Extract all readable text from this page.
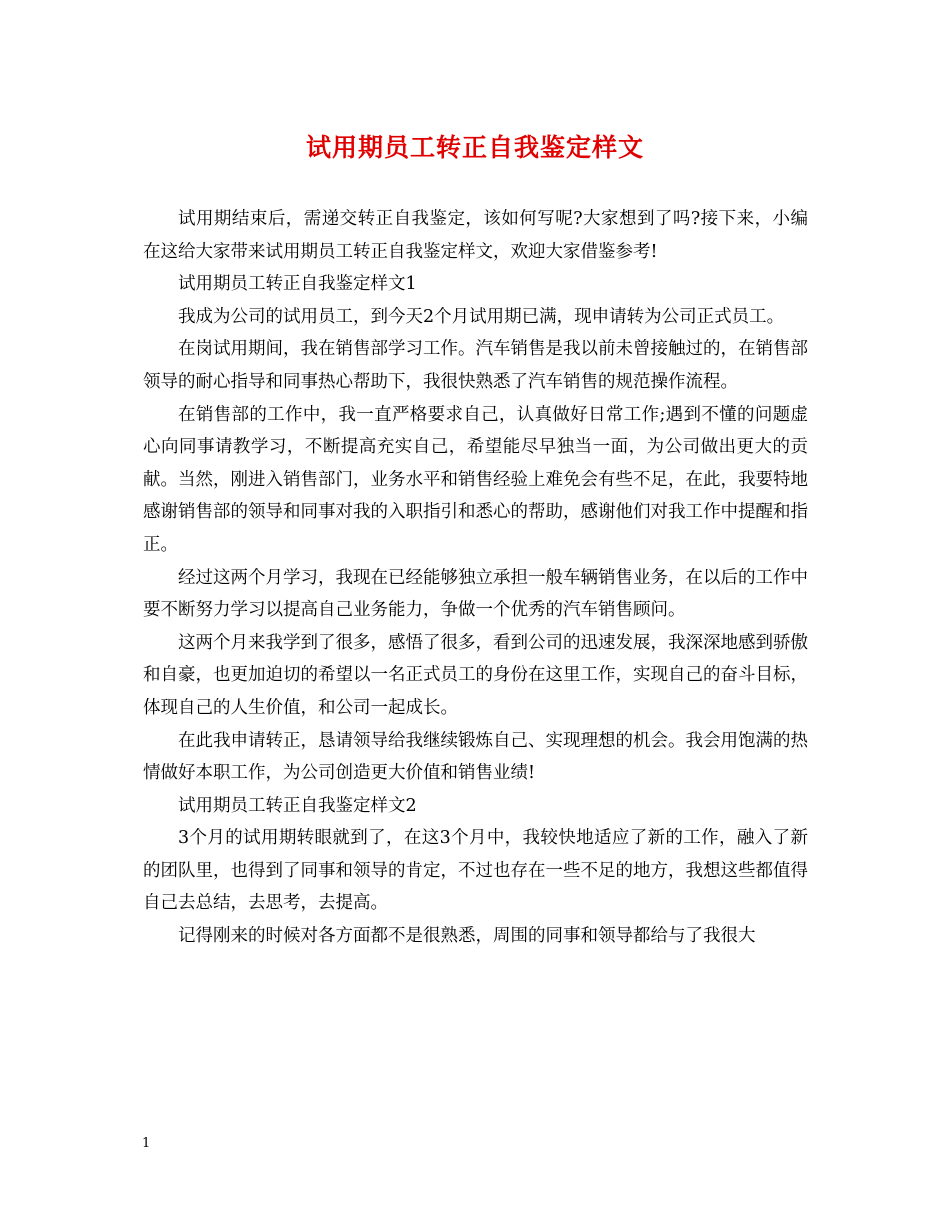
试用期员工转正自我鉴定样文

试用期结束后，需递交转正自我鉴定，该如何写呢?大家想到了吗?接下来，小编在这给大家带来试用期员工转正自我鉴定样文，欢迎大家借鉴参考!

试用期员工转正自我鉴定样文1

我成为公司的试用员工，到今天2个月试用期已满，现申请转为公司正式员工。

在岗试用期间，我在销售部学习工作。汽车销售是我以前未曾接触过的，在销售部领导的耐心指导和同事热心帮助下，我很快熟悉了汽车销售的规范操作流程。

在销售部的工作中，我一直严格要求自己，认真做好日常工作;遇到不懂的问题虚心向同事请教学习，不断提高充实自己，希望能尽早独当一面，为公司做出更大的贡献。当然，刚进入销售部门，业务水平和销售经验上难免会有些不足，在此，我要特地感谢销售部的领导和同事对我的入职指引和悉心的帮助，感谢他们对我工作中提醒和指正。

经过这两个月学习，我现在已经能够独立承担一般车辆销售业务，在以后的工作中要不断努力学习以提高自己业务能力，争做一个优秀的汽车销售顾问。

这两个月来我学到了很多，感悟了很多，看到公司的迅速发展，我深深地感到骄傲和自豪，也更加迫切的希望以一名正式员工的身份在这里工作，实现自己的奋斗目标，体现自己的人生价值，和公司一起成长。

在此我申请转正，恳请领导给我继续锻炼自己、实现理想的机会。我会用饱满的热情做好本职工作，为公司创造更大价值和销售业绩!

试用期员工转正自我鉴定样文2

3个月的试用期转眼就到了，在这3个月中，我较快地适应了新的工作，融入了新的团队里，也得到了同事和领导的肯定，不过也存在一些不足的地方，我想这些都值得自己去总结，去思考，去提高。

记得刚来的时候对各方面都不是很熟悉，周围的同事和领导都给与了我很大

1
